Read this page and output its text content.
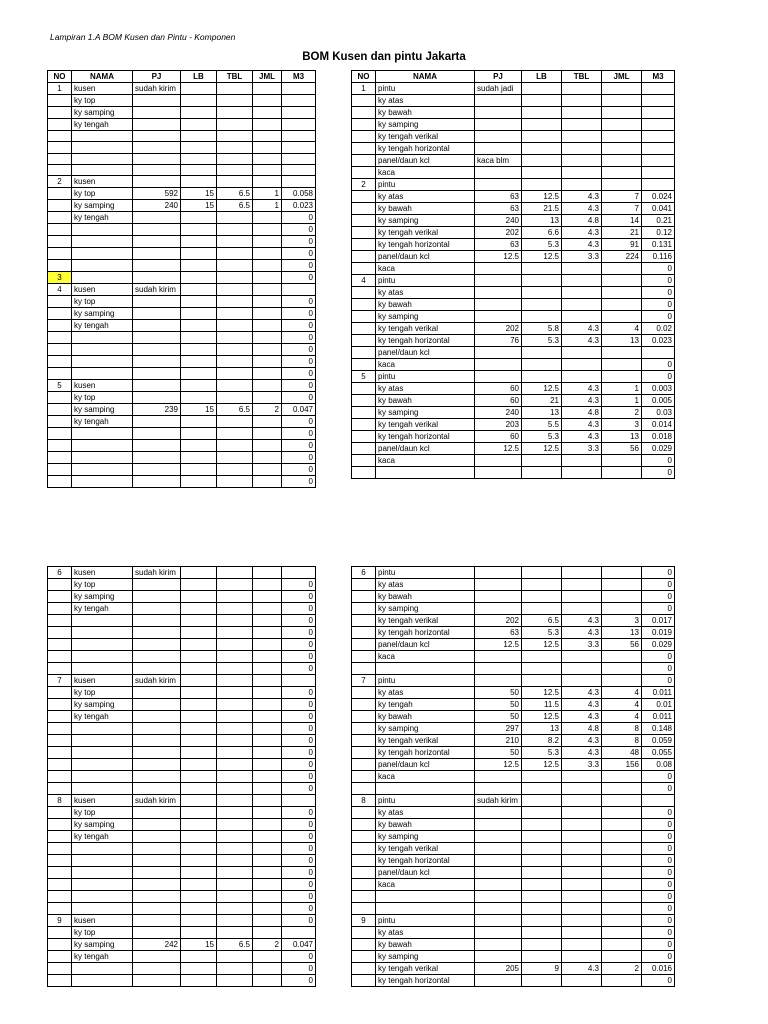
Lampiran 1.A BOM Kusen dan Pintu - Komponen
BOM Kusen dan pintu Jakarta
NO	NAMA	PJ	LB	TBL	JML	M3
1	kusen	sudah kirim				
	ky top					
	ky samping					
	ky tengah					

2	kusen					
	ky top	592	15	6.5	1	0.058
	ky samping	240	15	6.5	1	0.023
	ky tengah					0
						0
						0
						0
						0
3						0
4	kusen	sudah kirim				
	ky top					0
	ky samping					0
	ky tengah					0
						0
						0
						0
						0
5	kusen					0
	ky top					0
	ky samping	239	15	6.5	2	0.047
	ky tengah					0
						0
						0
						0
						0
						0
NO	NAMA	PJ	LB	TBL	JML	M3
1	pintu	sudah jadi				
	ky atas					
	ky bawah					
	ky samping					
	ky tengah verikal					
	ky tengah horizontal					
	panel/daun kcl	kaca blm				
	kaca					
2	pintu					
	ky atas	63	12.5	4.3	7	0.024
	ky bawah	63	21.5	4.3	7	0.041
	ky samping	240	13	4.8	14	0.21
	ky tengah verikal	202	6.6	4.3	21	0.12
	ky tengah horizontal	63	5.3	4.3	91	0.131
	panel/daun kcl	12.5	12.5	3.3	224	0.116
	kaca					0
4	pintu					0
	ky atas					0
	ky bawah					0
	ky samping					0
	ky tengah verikal	202	5.8	4.3	4	0.02
	ky tengah horizontal	76	5.3	4.3	13	0.023
	panel/daun kcl					
	kaca					0
5	pintu					0
	ky atas	60	12.5	4.3	1	0.003
	ky bawah	60	21	4.3	1	0.005
	ky samping	240	13	4.8	2	0.03
	ky tengah verikal	203	5.5	4.3	3	0.014
	ky tengah horizontal	60	5.3	4.3	13	0.018
	panel/daun kcl	12.5	12.5	3.3	56	0.029
	kaca					0
						0
6	kusen	sudah kirim				
	ky top					0
	ky samping					0
	ky tengah					0
						0
						0
						0
						0
						0
7	kusen	sudah kirim				
	ky top					0
	ky samping					0
	ky tengah					0
						0
						0
						0
						0
						0
						0
8	kusen	sudah kirim				
	ky top					0
	ky samping					0
	ky tengah					0
						0
						0
						0
						0
						0
						0
9	kusen					0
	ky top					
	ky samping	242	15	6.5	2	0.047
	ky tengah					0
						0
						0
6	pintu					0
	ky atas					0
	ky bawah					0
	ky samping					0
	ky tengah verikal	202	6.5	4.3	3	0.017
	ky tengah horizontal	63	5.3	4.3	13	0.019
	panel/daun kcl	12.5	12.5	3.3	56	0.029
	kaca					0
						0
7	pintu					0
	ky atas	50	12.5	4.3	4	0.011
	ky tengah	50	11.5	4.3	4	0.01
	ky bawah	50	12.5	4.3	4	0.011
	ky samping	297	13	4.8	8	0.148
	ky tengah verikal	210	8.2	4.3	8	0.059
	ky tengah horizontal	50	5.3	4.3	48	0.055
	panel/daun kcl	12.5	12.5	3.3	156	0.08
	kaca					0
						0
8	pintu	sudah kirim				
	ky atas					0
	ky bawah					0
	ky samping					0
	ky tengah verikal					0
	ky tengah horizontal					0
	panel/daun kcl					0
	kaca					0
						0
						0
9	pintu					0
	ky atas					0
	ky bawah					0
	ky samping					0
	ky tengah verikal	205	9	4.3	2	0.016
	ky tengah horizontal					0
